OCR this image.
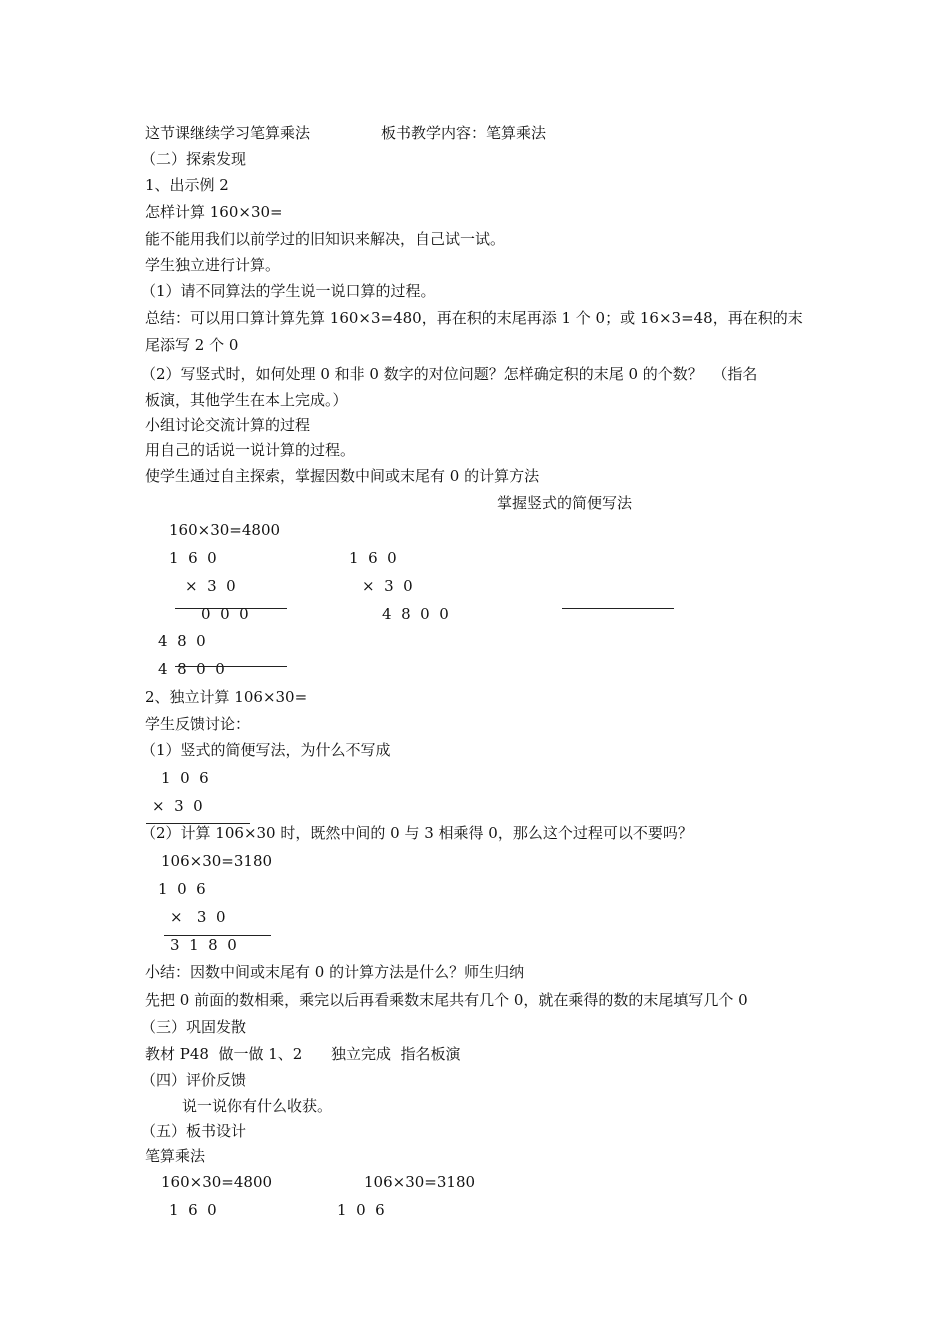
这节课继续学习笔算乘法	板书教学内容：笔算乘法
（二）探索发现
1、出示例 2
怎样计算 160×30=
能不能用我们以前学过的旧知识来解决，自己试一试。
学生独立进行计算。
（1）请不同算法的学生说一说口算的过程。
总结：可以用口算计算先算 160×3=480，再在积的末尾再添 1 个 0；或 16×3=48，再在积的末
尾添写 2 个 0
（2）写竖式时，如何处理 0 和非 0 数字的对位问题？怎样确定积的末尾 0 的个数？  （指名
板演，其他学生在本上完成。）
小组讨论交流计算的过程
用自己的话说一说计算的过程。
使学生通过自主探索，掌握因数中间或末尾有 0 的计算方法
掌握竖式的简便写法
160×30=4800
1  6  0	1  6  0
×  3  0	×  3  0
0  0  0	4  8  0  0
4  8  0
4  8  0  0
2、独立计算 106×30=
学生反馈讨论：
（1）竖式的简便写法，为什么不写成
1  0  6
×  3  0
（2）计算 106×30 时，既然中间的 0 与 3 相乘得 0，那么这个过程可以不要吗？
106×30=3180
1  0  6
×   3  0
3  1  8  0
小结：因数中间或末尾有 0 的计算方法是什么？师生归纳
先把 0 前面的数相乘，乘完以后再看乘数末尾共有几个 0，就在乘得的数的末尾填写几个 0
（三）巩固发散
教材 P48  做一做 1、2      独立完成  指名板演
（四）评价反馈
说一说你有什么收获。
（五）板书设计
笔算乘法
160×30=4800	106×30=3180
1  6  0	1  0  6
